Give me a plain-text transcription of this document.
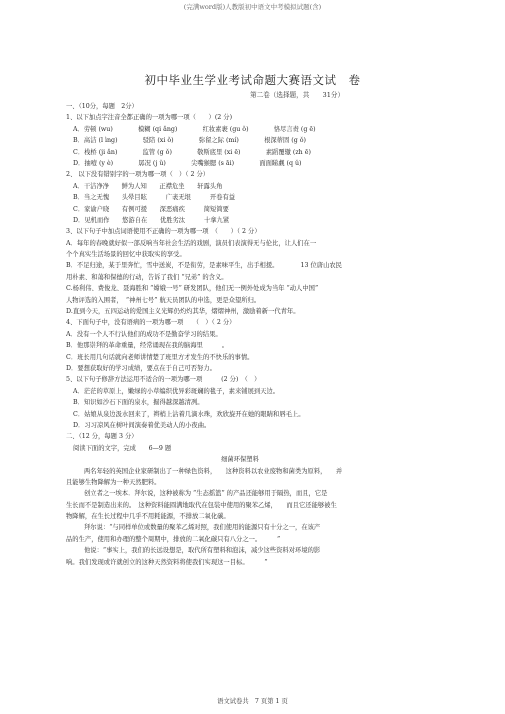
(完满word版)人教版初中语文中考模拟试题(含)
初中毕业生学业考试命题大赛语文试　卷
第二卷（选择题，共　　31分）
一、（10分，每题　2分）
1、以下加点字注音全都正确的一项为哪一项（　　）(2 分)
A．劳顿 (wu)　　　　模糊 (qi ǎng)　　　　红妆素裹 (gu ǒ)　　　　恪尽言责 (g ē)
B．高洁 (l ìng)　　　　驳陪 (xi ǒ)　　　　弥留之际 (mí)　　　　根深蒂固 (g ǒ)
C．栈桥 (ji ǎn)　　　　监管 (g ǒ)　　　　敬斯底里 (xi ē)　　　　素蹈覆辙 (zh ē)
D．抽噎 (y è)　　　　孱况 (j ǔ)　　　　尖嘴猴腮 (s āi)　　　　面面睇觑 (q ǔ)
2、 以下没有错别字的一项为哪一项（　）（ 2 分）
A．干洁净净　　鲜为人知　　正襟危坐　　轩露头角
B．当之无愧　　头晕目眩　　　广袤无垠　　　开卷有益
C．家谕户晓　　有例可援　　深恶痛疾　　　简短简要
D．见机而作　　悠游自在　　优胜劣汰　　　十拿九紧
3、以下句子中加点词语使用不正确的一项为哪一项　（　　）（ 2 分）
A．每年的春晚就好似一部反响当年社会生活的戏剧，演员们表演得无与伦比，让人们在一
个个真实生活场景的回忆中获取实的享受。
B．不足归途，某于里奔忙，雪中送炭，不是衔劳，是素味平生，出手相援。　　　　13 位唐山农民
用朴素、和蔼和保德的行动，告诉了我们 “兄弟” 的含义。
C.杨利伟、费俊龙、聂海胜和 “嫦娥一号” 研发团队，他们无一例外处成为当年 “动人中国”
人物评选的入围者，　“神州七号” 航天员团队的申选，更是众望所归。
D.直到今天，五四运动的爱国主义光辉仍灼灼其华，熠熠神州，激励着新一代青年。
4、下面句子中，没有语病的一项为哪一项　　（　）（ 2 分）
A．没有一个人不行认他们的成功不是勤奋学习的结果。
B．他那崇拜的革命重量，经常诵现在我的脑海里　　　。
C．班长用几句话就向老师讲情楚了班里方才发生的不快乐的事情。
D．要想获取好的学习成绩，要点在于自己可否努力。
5、以下句子修辞方法运用不适合的一项为哪一项　　　(2 分)　（　）
A．茫茫的草原上，嫩绿的小草编织优异彩斑斓的毯子，素来铺展到天边。
B．知识如沙石下面的泉水，掘得越深越清冽。
C．姑娘从泉边汲水回来了，辫梢上沾着几滴水珠，欢欣旋开在她的眼睛和唇毛上。
D．习习凉风在树叶间演奏着优美动人的小夜曲。
二、（12 分，每题 3 分）
阅读下面的文字，完成　　6—9 题
细菌环保塑料
两名年轻的英国企业家研制出了一种绿色资料，　　这种资料以农业废物和菌类为原料，　　并
且能够生物降解为一种天然肥料。
创立者之一埃本．拜尔说，这种被称为 “生态摇篮” 的产品还能够用于隔热，而且，它是
生长而不是制造出来的。　这种资料能圆满地取代在包装中使用的聚苯乙烯，　　而且它还能够被生
物降解，在生长过程中几乎不用耗能源，不排放二氧化碳。
拜尔说：“与同样单位或数量的聚苯乙烯对照，我们使用的能源只有十分之一，在该产
品的生产，使用和办理的整个周期中，排放的二氧化碳只有八分之一。　　　”
他说：“事实上，我们的长远设想是，取代所有塑料和泡沫，减少这些资料对环境的影
响。我们发现或许就创立的这种天然资料将使我们实现这一目标。　　　”
语文试卷共　7 页第 1 页
